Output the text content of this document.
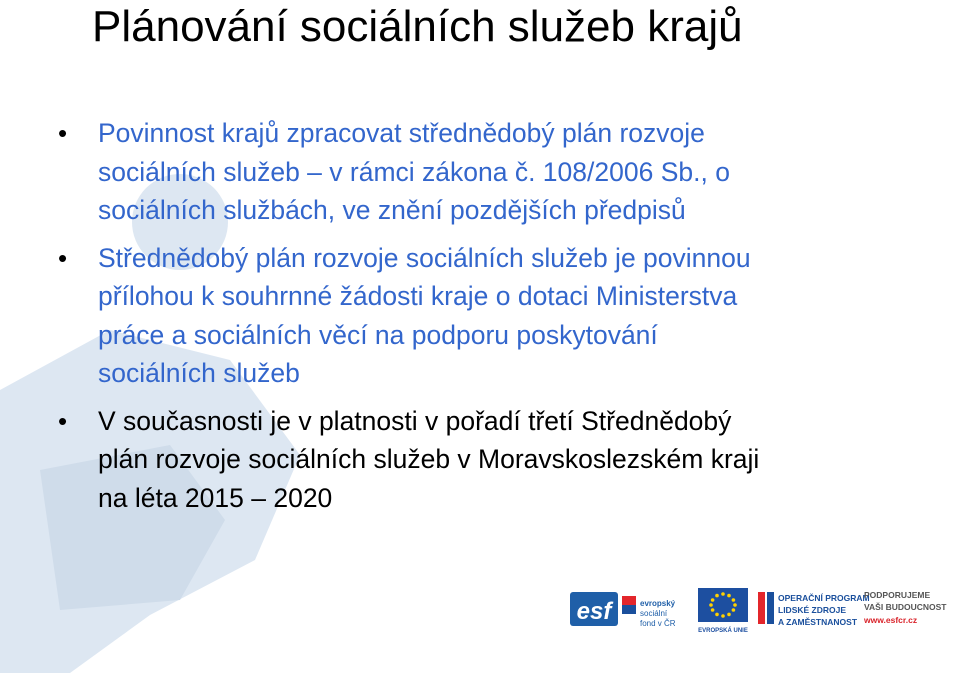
Plánování sociálních služeb krajů
• Povinnost krajů zpracovat střednědobý plán rozvoje
sociálních služeb – v rámci zákona č. 108/2006 Sb., o
sociálních službách, ve znění pozdějších předpisů
• Střednědobý plán rozvoje sociálních služeb je povinnou
přílohou k souhrnné žádosti kraje o dotaci Ministerstva
práce a sociálních věcí na podporu poskytování
sociálních služeb
• V současnosti je v platnosti v pořadí třetí Střednědobý
plán rozvoje sociálních služeb v Moravskoslezském kraji
na léta 2015 – 2020
esf	evropský
sociální
fond v ČR
EVROPSKÁ UNIE
OPERAČNÍ PROGRAM
LIDSKÉ ZDROJE
A ZAMĚSTNANOST
PODPORUJEME
VAŠI BUDOUCNOST
www.esfcr.cz
